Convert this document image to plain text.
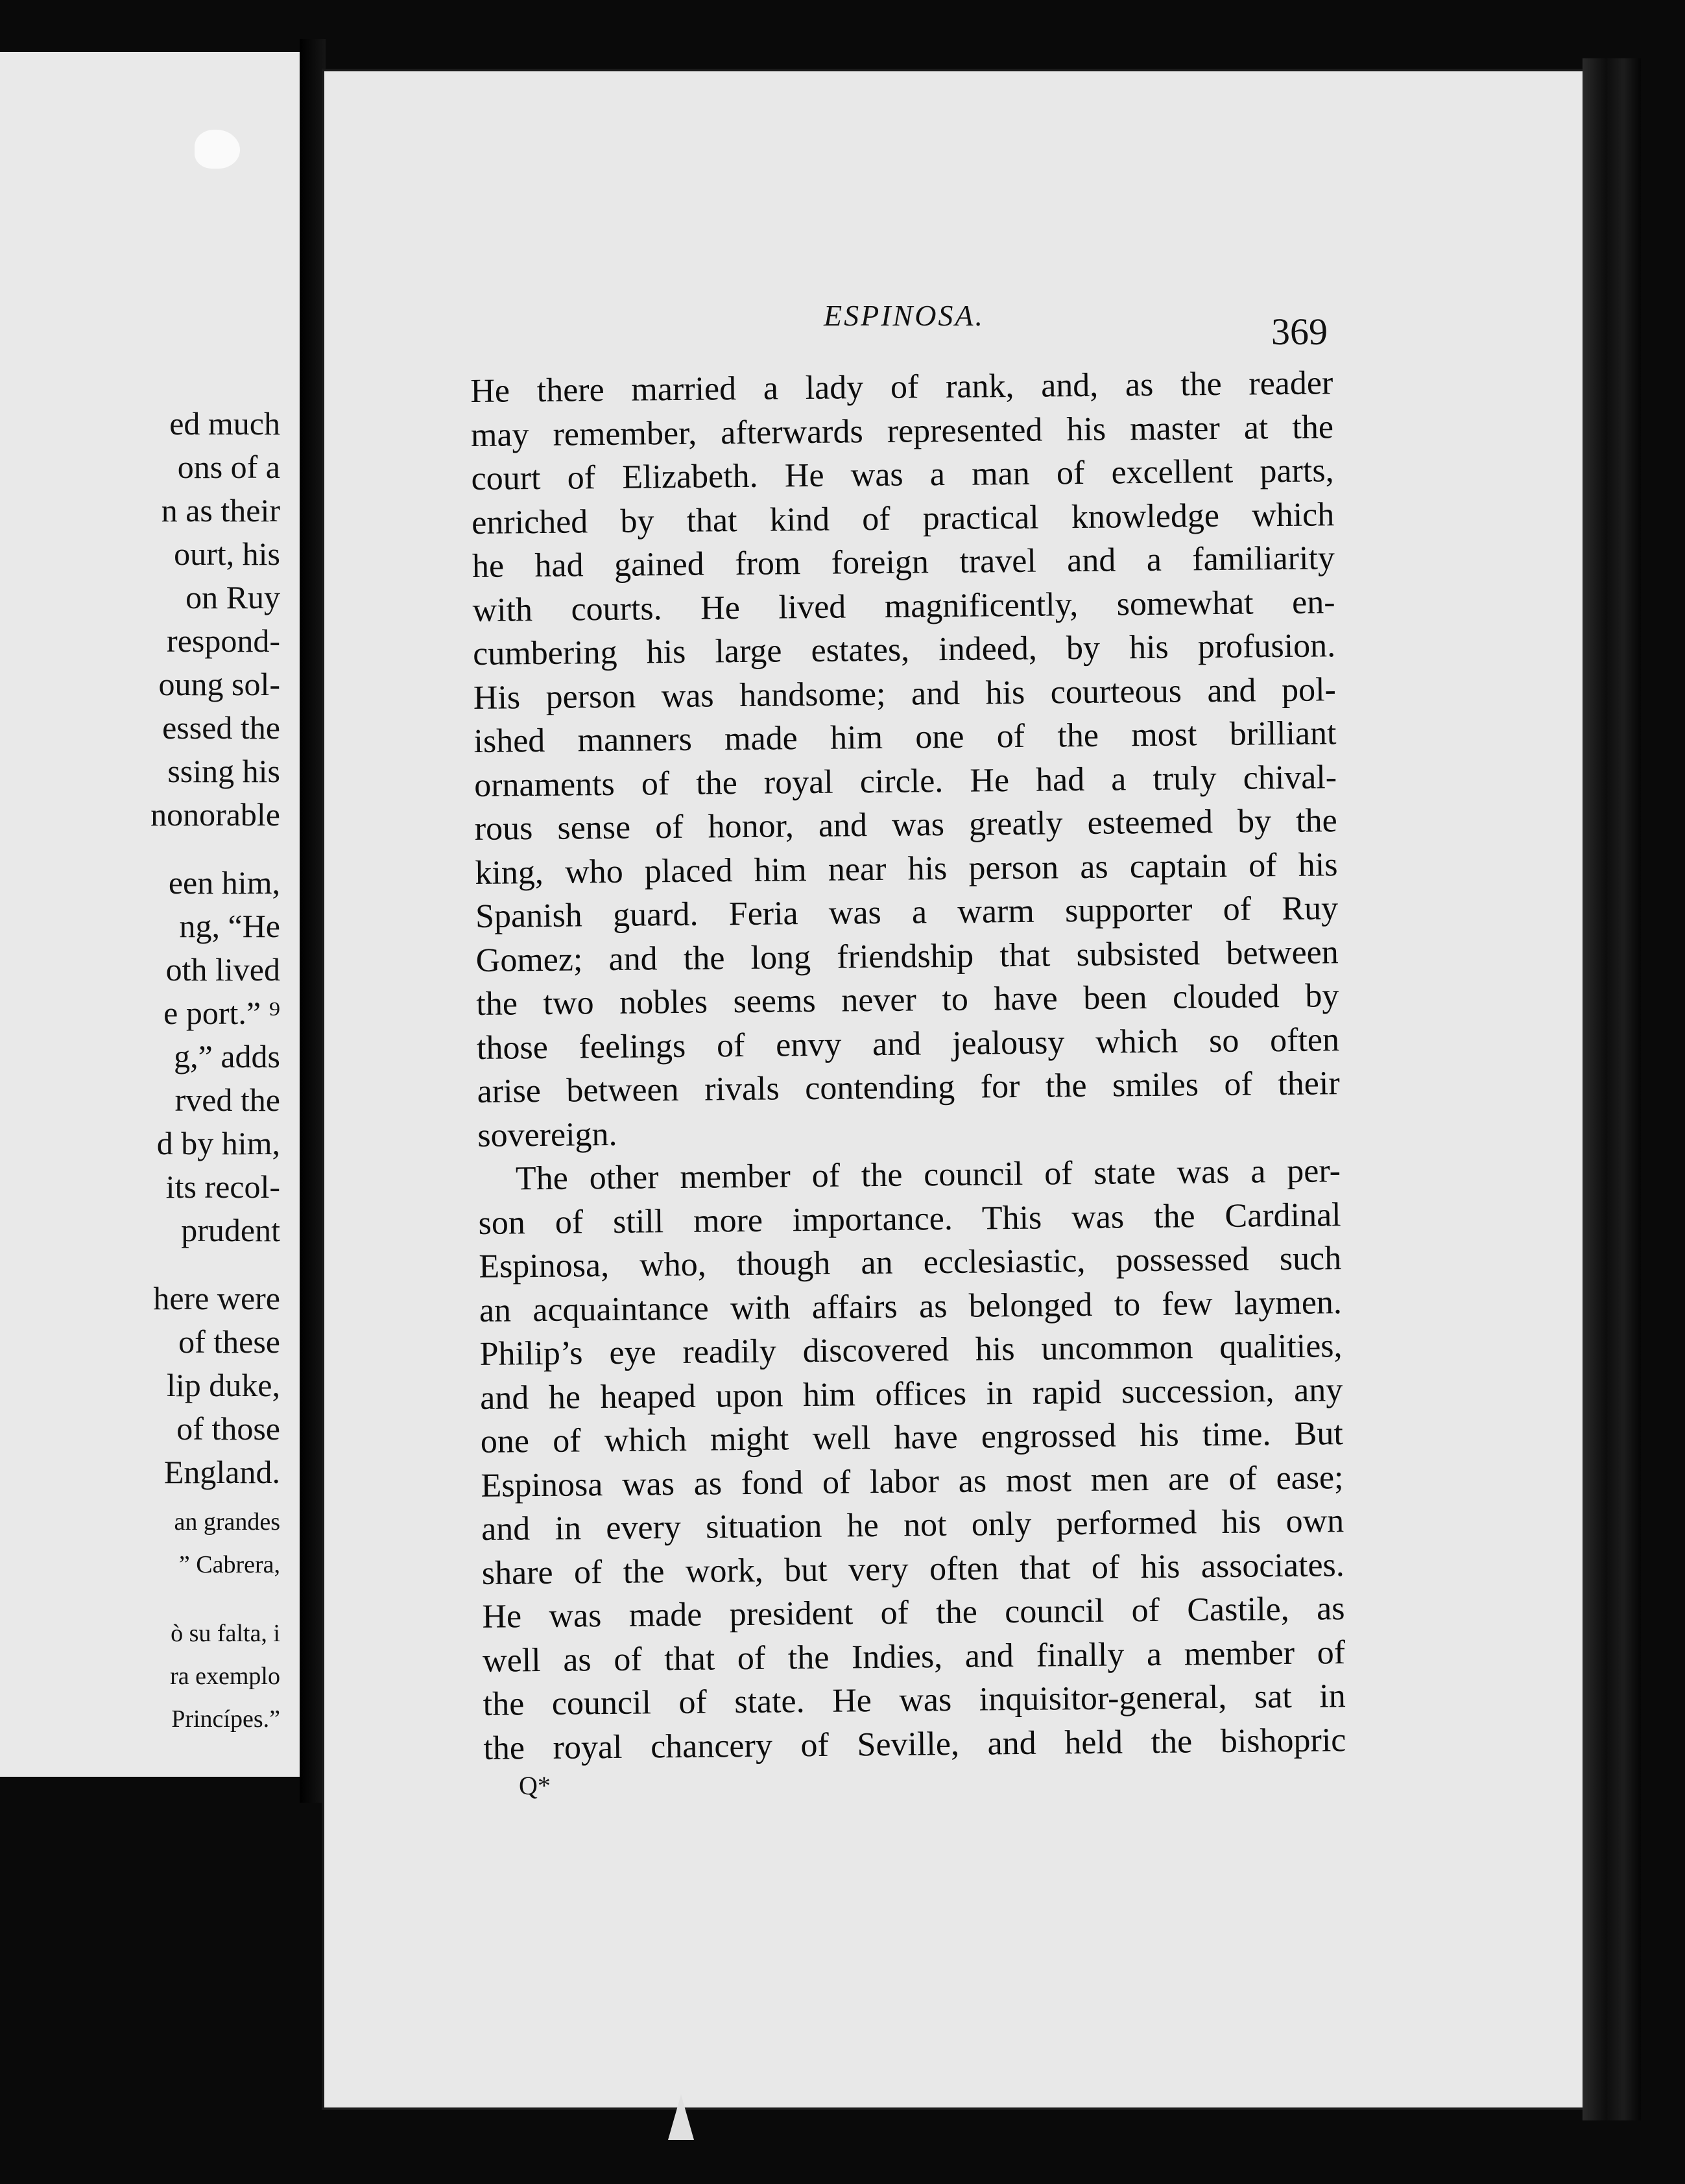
ed much
ons of a
n as their
ourt, his
on Ruy
respond-
oung sol-
essed the
ssing his
nonorable
een him,
ng, “He
oth lived
e port.” ⁹
g,” adds
rved the
d by him,
its recol-
prudent
here were
of these
lip duke,
of those
England.
an grandes
” Cabrera,
ò su falta, i
ra exemplo
Princípes.”
ESPINOSA.	369
He there married a lady of rank, and, as the reader
may remember, afterwards represented his master at the
court of Elizabeth. He was a man of excellent parts,
enriched by that kind of practical knowledge which
he had gained from foreign travel and a familiarity
with courts. He lived magnificently, somewhat en-
cumbering his large estates, indeed, by his profusion.
His person was handsome; and his courteous and pol-
ished manners made him one of the most brilliant
ornaments of the royal circle. He had a truly chival-
rous sense of honor, and was greatly esteemed by the
king, who placed him near his person as captain of his
Spanish guard. Feria was a warm supporter of Ruy
Gomez; and the long friendship that subsisted between
the two nobles seems never to have been clouded by
those feelings of envy and jealousy which so often
arise between rivals contending for the smiles of their
sovereign.
The other member of the council of state was a per-
son of still more importance. This was the Cardinal
Espinosa, who, though an ecclesiastic, possessed such
an acquaintance with affairs as belonged to few laymen.
Philip’s eye readily discovered his uncommon qualities,
and he heaped upon him offices in rapid succession, any
one of which might well have engrossed his time. But
Espinosa was as fond of labor as most men are of ease;
and in every situation he not only performed his own
share of the work, but very often that of his associates.
He was made president of the council of Castile, as
well as of that of the Indies, and finally a member of
the council of state. He was inquisitor-general, sat in
the royal chancery of Seville, and held the bishopric
Q*
